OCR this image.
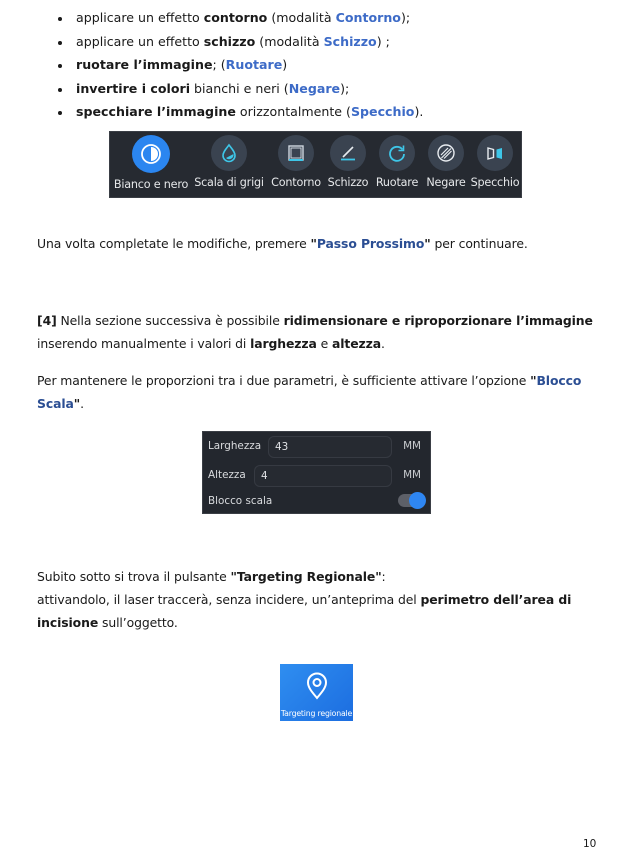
applicare un effetto contorno (modalità Contorno);
applicare un effetto schizzo (modalità Schizzo) ;
ruotare l’immagine; (Ruotare)
invertire i colori bianchi e neri (Negare);
specchiare l’immagine orizzontalmente (Specchio).
Bianco e nero Scala di grigi Contorno Schizzo Ruotare Negare Specchio

Una volta completate le modifiche, premere "Passo Prossimo" per continuare.

[4] Nella sezione successiva è possibile ridimensionare e riproporzionare l’immagine

inserendo manualmente i valori di larghezza e altezza.

Per mantenere le proporzioni tra i due parametri, è sufficiente attivare l’opzione "Blocco

Scala".

Larghezza	43	MM
Altezza	4	MM
Blocco scala

Subito sotto si trova il pulsante "Targeting Regionale":

attivandolo, il laser traccerà, senza incidere, un’anteprima del perimetro dell’area di

incisione sull’oggetto.

Targeting regionale
10
